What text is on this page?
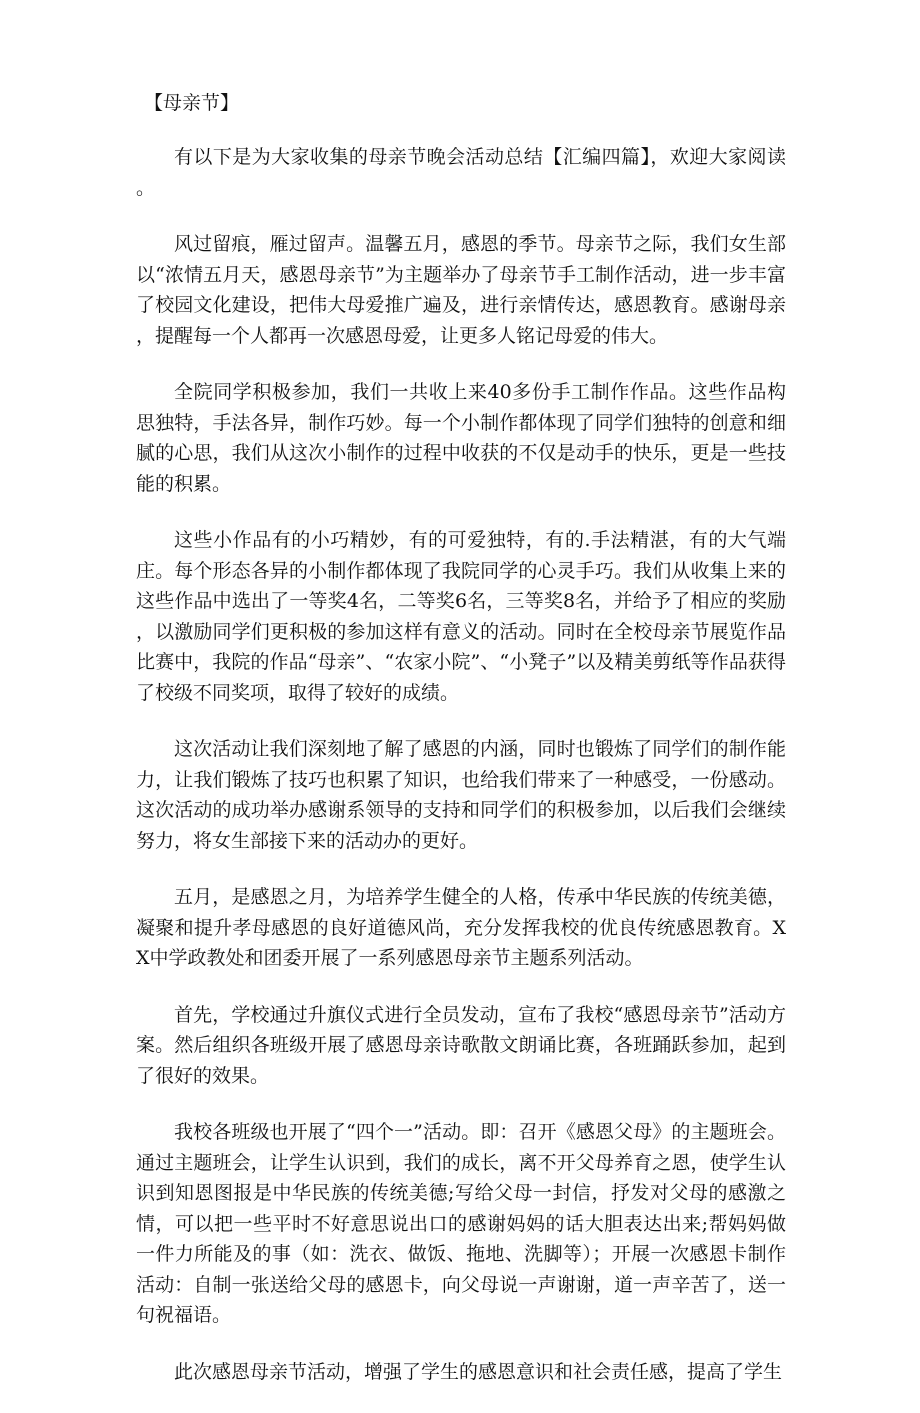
【母亲节】

有以下是为大家收集的母亲节晚会活动总结【汇编四篇】，欢迎大家阅读。

风过留痕，雁过留声。温馨五月，感恩的季节。母亲节之际，我们女生部以“浓情五月天，感恩母亲节”为主题举办了母亲节手工制作活动，进一步丰富了校园文化建设，把伟大母爱推广遍及，进行亲情传达，感恩教育。感谢母亲，提醒每一个人都再一次感恩母爱，让更多人铭记母爱的伟大。

全院同学积极参加，我们一共收上来40多份手工制作作品。这些作品构思独特，手法各异，制作巧妙。每一个小制作都体现了同学们独特的创意和细腻的心思，我们从这次小制作的过程中收获的不仅是动手的快乐，更是一些技能的积累。

这些小作品有的小巧精妙，有的可爱独特，有的.手法精湛，有的大气端庄。每个形态各异的小制作都体现了我院同学的心灵手巧。我们从收集上来的这些作品中选出了一等奖4名，二等奖6名，三等奖8名，并给予了相应的奖励，以激励同学们更积极的参加这样有意义的活动。同时在全校母亲节展览作品比赛中，我院的作品“母亲”、“农家小院”、“小凳子”以及精美剪纸等作品获得了校级不同奖项，取得了较好的成绩。

这次活动让我们深刻地了解了感恩的内涵，同时也锻炼了同学们的制作能力，让我们锻炼了技巧也积累了知识，也给我们带来了一种感受，一份感动。这次活动的成功举办感谢系领导的支持和同学们的积极参加，以后我们会继续努力，将女生部接下来的活动办的更好。

五月，是感恩之月，为培养学生健全的人格，传承中华民族的传统美德，凝聚和提升孝母感恩的良好道德风尚，充分发挥我校的优良传统感恩教育。XX中学政教处和团委开展了一系列感恩母亲节主题系列活动。

首先，学校通过升旗仪式进行全员发动，宣布了我校“感恩母亲节”活动方案。然后组织各班级开展了感恩母亲诗歌散文朗诵比赛，各班踊跃参加，起到了很好的效果。

我校各班级也开展了“四个一”活动。即：召开《感恩父母》的主题班会。通过主题班会，让学生认识到，我们的成长，离不开父母养育之恩，使学生认识到知恩图报是中华民族的传统美德;写给父母一封信，抒发对父母的感激之情，可以把一些平时不好意思说出口的感谢妈妈的话大胆表达出来;帮妈妈做一件力所能及的事（如：洗衣、做饭、拖地、洗脚等）；开展一次感恩卡制作活动：自制一张送给父母的感恩卡，向父母说一声谢谢，道一声辛苦了，送一句祝福语。

此次感恩母亲节活动，增强了学生的感恩意识和社会责任感，提高了学生
